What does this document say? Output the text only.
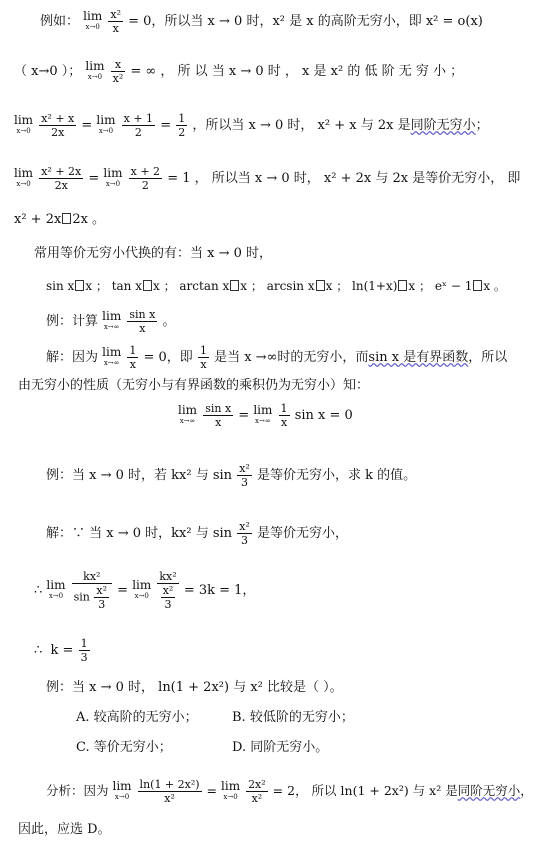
例如： lim
x→0
$\frac{\text{x²}}{x} = 0$，所以当 x → 0 时，x² 是 x 的高阶无穷小，即 x² = o(x)
（ x→0 ）； lim
x→0
$\frac{x}{\text{x²}}$ = ∞ ， 所 以 当 x → 0 时 ， x 是 x² 的 低 阶 无 穷 小 ；
lim
x→0
$\frac{\text{x² + x}}{2x} = \lim$
x→0
$\frac{x + 1}{2} = \frac{1}{2}$ ，所以当 x → 0 时， x² + x 与 2x 是同阶无穷小；
lim
x→0
$\frac{\text{x² + 2x}}{2x} = \lim$
x→0
$\frac{x + 2}{2} = 1$ ， 所以当 x → 0 时， x² + 2x 与 2x 是等价无穷小， 即
x² + 2x 2x 。
常用等价无穷小代换的有：当 x → 0 时，
sin x x ； tan x x ； arctan x x ； arcsin x x ； ln(1+x) x ； eˣ − 1 x 。
例：计算 lim
x→∞
$\frac{\text{sin x}}{x}$ 。
解：因为 lim
x→∞
$\frac{1}{x} = 0$，即 $\frac{1}{x}$ 是当 x →∞时的无穷小，而sin x 是有界函数，所以
由无穷小的性质（无穷小与有界函数的乘积仍为无穷小）知：
lim
x→∞
$\frac{\text{sin x}}{x} = \lim$
x→∞
$\frac{1}{x}$ sin x = 0
例：当 x → 0 时，若 kx² 与 $\sin \frac{\text{x²}}{3}$ 是等价无穷小，求 k 的值。
解：∵ 当 x → 0 时，kx² 与 $\sin \frac{\text{x²}}{3}$ 是等价无穷小，
∴ lim
x→0
$\frac{\text{kx²}}{\sin \frac{\text{x²}}{3}} = \lim$
x→0
$\frac{\text{kx²}}{\frac{\text{x²}}{3}} = 3k = 1$，
∴ $k = \frac{1}{3}$
例：当 x → 0 时， ln(1 + 2x²) 与 x² 比较是（ ）。
A. 较高阶的无穷小；	B. 较低阶的无穷小；
C. 等价无穷小；	D. 同阶无穷小。
分析：因为 lim
x→0
$\frac{\text{ln(1 + 2x²)}}{\text{x²}} = \lim$
x→0
$\frac{\text{2x²}}{\text{x²}} = 2$， 所以 ln(1 + 2x²) 与 x² 是同阶无穷小，
因此，应选 D。
